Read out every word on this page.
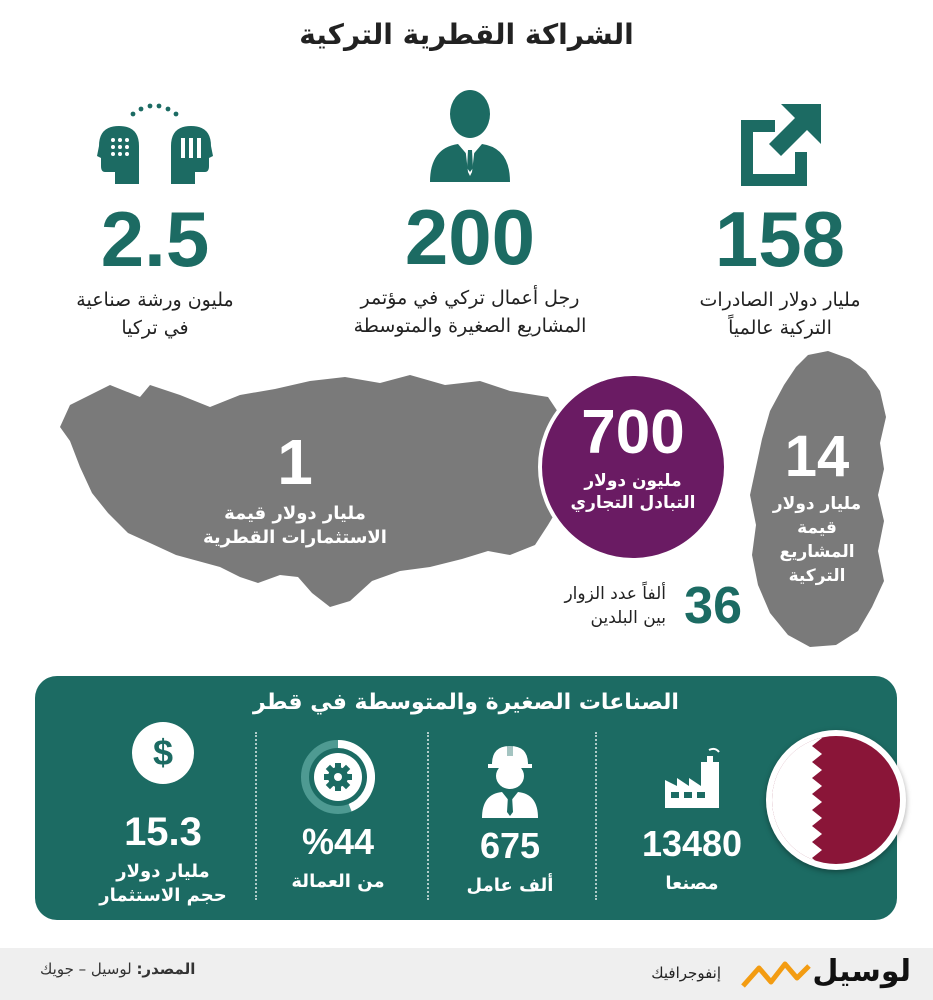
الشراكة القطرية التركية
158
مليار دولار الصادرات
التركية عالمياً
200
رجل أعمال تركي في مؤتمر
المشاريع الصغيرة والمتوسطة
2.5
مليون ورشة صناعية
في تركيا
1
مليار دولار قيمة
الاستثمارات القطرية
700
مليون دولار
التبادل التجاري
14
مليار دولار
قيمة
المشاريع
التركية
36
ألفاً عدد الزوار
بين البلدين
الصناعات الصغيرة والمتوسطة في قطر
13480
مصنعا
675
ألف عامل
%44
من العمالة
$
15.3
مليار دولار
حجم الاستثمار
المصدر: لوسيل – جويك	لوسيل
إنفوجرافيك
